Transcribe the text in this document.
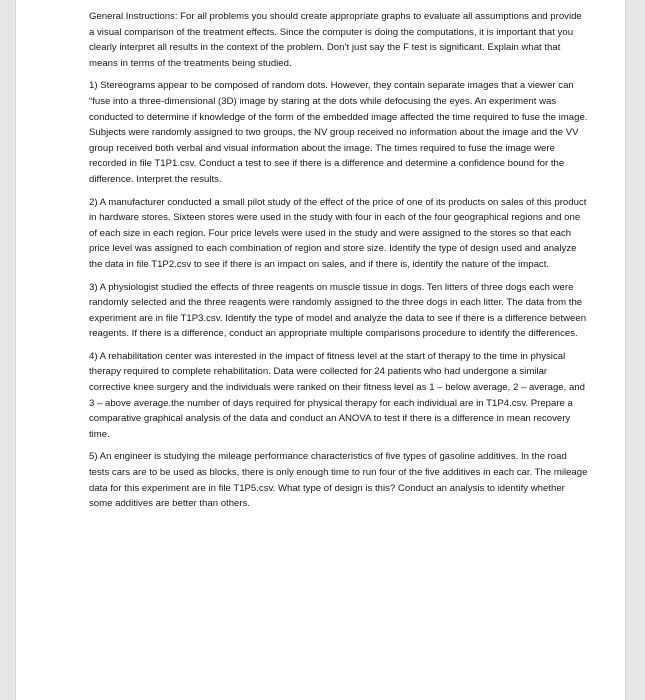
General Instructions: For all problems you should create appropriate graphs to evaluate all assumptions and provide a visual comparison of the treatment effects. Since the computer is doing the computations, it is important that you clearly interpret all results in the context of the problem. Don’t just say the F test is significant. Explain what that means in terms of the treatments being studied.

1) Stereograms appear to be composed of random dots. However, they contain separate images that a viewer can “fuse into a three-dimensional (3D) image by staring at the dots while defocusing the eyes. An experiment was conducted to determine if knowledge of the form of the embedded image affected the time required to fuse the image. Subjects were randomly assigned to two groups, the NV group received no information about the image and the VV group received both verbal and visual information about the image. The times required to fuse the image were recorded in file T1P1.csv. Conduct a test to see if there is a difference and determine a confidence bound for the difference. Interpret the results.

2) A manufacturer conducted a small pilot study of the effect of the price of one of its products on sales of this product in hardware stores. Sixteen stores were used in the study with four in each of the four geographical regions and one of each size in each region. Four price levels were used in the study and were assigned to the stores so that each price level was assigned to each combination of region and store size. Identify the type of design used and analyze the data in file T1P2.csv to see if there is an impact on sales, and if there is, identify the nature of the impact.

3) A physiologist studied the effects of three reagents on muscle tissue in dogs. Ten litters of three dogs each were randomly selected and the three reagents were randomly assigned to the three dogs in each litter. The data from the experiment are in file T1P3.csv. Identify the type of model and analyze the data to see if there is a difference between reagents. If there is a difference, conduct an appropriate multiple comparisons procedure to identify the differences.

4) A rehabilitation center was interested in the impact of fitness level at the start of therapy to the time in physical therapy required to complete rehabilitation. Data were collected for 24 patients who had undergone a similar corrective knee surgery and the individuals were ranked on their fitness level as 1 – below average, 2 – average, and 3 – above average.the number of days required for physical therapy for each individual are in T1P4.csv. Prepare a comparative graphical analysis of the data and conduct an ANOVA to test if there is a difference in mean recovery time.

5) An engineer is studying the mileage performance characteristics of five types of gasoline additives. In the road tests cars are to be used as blocks, there is only enough time to run four of the five additives in each car. The mileage data for this experiment are in file T1P5.csv. What type of design is this? Conduct an analysis to identify whether some additives are better than others.
